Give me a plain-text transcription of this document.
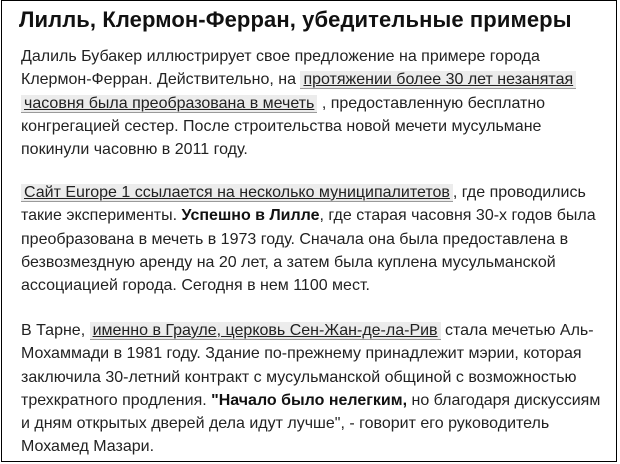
Лилль, Клермон-Ферран, убедительные примеры
Далиль Бубакер иллюстрирует свое предложение на примере города
Клермон-Ферран. Действительно, на протяжении более 30 лет незанятая
часовня была преобразована в мечеть , предоставленную бесплатно
конгрегацией сестер. После строительства новой мечети мусульмане
покинули часовню в 2011 году.
Сайт Europe 1 ссылается на несколько муниципалитетов , где проводились
такие эксперименты. Успешно в Лилле, где старая часовня 30-х годов была
преобразована в мечеть в 1973 году. Сначала она была предоставлена в
безвозмездную аренду на 20 лет, а затем была куплена мусульманской
ассоциацией города. Сегодня в нем 1100 мест.
В Тарне, именно в Грауле, церковь Сен-Жан-де-ла-Рив стала мечетью Аль-
Мохаммади в 1981 году. Здание по-прежнему принадлежит мэрии, которая
заключила 30-летний контракт с мусульманской общиной с возможностью
трехкратного продления. "Начало было нелегким, но благодаря дискуссиям
и дням открытых дверей дела идут лучше", - говорит его руководитель
Мохамед Мазари.
